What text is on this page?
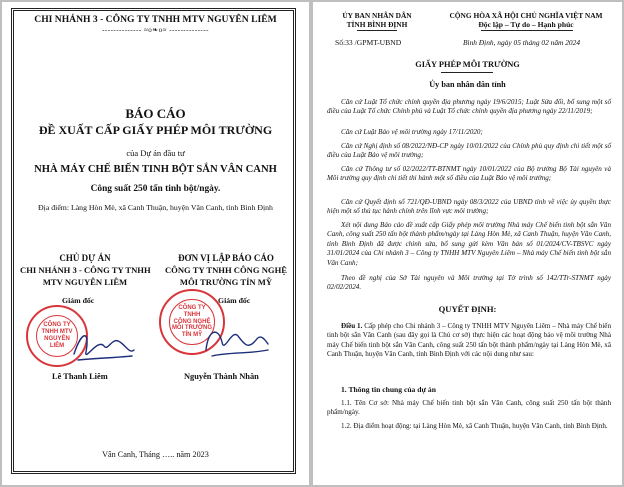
CHI NHÁNH 3 - CÔNG TY TNHH MTV NGUYÊN LIÊM
-------------- ≈o❧o≈ --------------
BÁO CÁO
ĐỀ XUẤT CẤP GIẤY PHÉP MÔI TRƯỜNG
của Dự án đầu tư
NHÀ MÁY CHẾ BIẾN TINH BỘT SẮN VÂN CANH
Công suất 250 tấn tinh bột/ngày.
Địa điểm: Làng Hòn Mè, xã Canh Thuận, huyện Vân Canh, tỉnh Bình Định
CHỦ DỰ ÁN
CHI NHÁNH 3 - CÔNG TY TNHH
MTV NGUYÊN LIÊM
Giám đốc
CÔNG TY
TNHH MTV
NGUYÊN LIÊM
Lê Thanh Liêm
ĐƠN VỊ LẬP BÁO CÁO
CÔNG TY TNHH CÔNG NGHỆ
MÔI TRƯỜNG TÍN MỸ
Giám đốc
CÔNG TY
TNHH
CÔNG NGHỆ
MÔI TRƯỜNG
TÍN MỸ
Nguyễn Thành Nhân
Vân Canh, Tháng ….. năm 2023
ỦY BAN NHÂN DÂN
TỈNH BÌNH ĐỊNH
CỘNG HÒA XÃ HỘI CHỦ NGHĨA VIỆT NAM
Độc lập – Tự do – Hạnh phúc
Số:33 /GPMT-UBND	Bình Định, ngày 05 tháng 02 năm 2024
GIẤY PHÉP MÔI TRƯỜNG
Ủy ban nhân dân tỉnh
Căn cứ Luật Tổ chức chính quyền địa phương ngày 19/6/2015; Luật Sửa đổi, bổ sung một số điều của Luật Tổ chức Chính phủ và Luật Tổ chức chính quyền địa phương ngày 22/11/2019;
Căn cứ Luật Bảo vệ môi trường ngày 17/11/2020;
Căn cứ Nghị định số 08/2022/NĐ-CP ngày 10/01/2022 của Chính phủ quy định chi tiết một số điều của Luật Bảo vệ môi trường;
Căn cứ Thông tư số 02/2022/TT-BTNMT ngày 10/01/2022 của Bộ trưởng Bộ Tài nguyên và Môi trường quy định chi tiết thi hành một số điều của Luật Bảo vệ môi trường;
Căn cứ Quyết định số 721/QĐ-UBND ngày 08/3/2022 của UBND tỉnh về việc ủy quyền thực hiện một số thủ tục hành chính trên lĩnh vực môi trường;
Xét nội dung Báo cáo đề xuất cấp Giấy phép môi trường Nhà máy Chế biến tinh bột sắn Vân Canh, công suất 250 tấn bột thành phẩm/ngày tại Làng Hòn Mè, xã Canh Thuận, huyện Vân Canh, tỉnh Bình Định đã được chỉnh sửa, bổ sung gửi kèm Văn bản số 01/2024/CV-TBSVC ngày 31/01/2024 của Chi nhánh 3 – Công ty TNHH MTV Nguyên Liêm – Nhà máy Chế biến tinh bột sắn Vân Canh;
Theo đề nghị của Sở Tài nguyên và Môi trường tại Tờ trình số 142/TTr-STNMT ngày 02/02/2024.
QUYẾT ĐỊNH:
Điều 1. Cấp phép cho Chi nhánh 3 – Công ty TNHH MTV Nguyên Liêm – Nhà máy Chế biến tinh bột sắn Vân Canh (sau đây gọi là Chủ cơ sở) thực hiện các hoạt động bảo vệ môi trường Nhà máy Chế biến tinh bột sắn Vân Canh, công suất 250 tấn bột thành phẩm/ngày tại Làng Hòn Mè, xã Canh Thuận, huyện Vân Canh, tỉnh Bình Định với các nội dung như sau:
1. Thông tin chung của dự án
1.1. Tên Cơ sở: Nhà máy Chế biến tinh bột sắn Vân Canh, công suất 250 tấn bột thành phẩm/ngày.
1.2. Địa điểm hoạt động: tại Làng Hòn Mè, xã Canh Thuận, huyện Vân Canh, tỉnh Bình Định.
